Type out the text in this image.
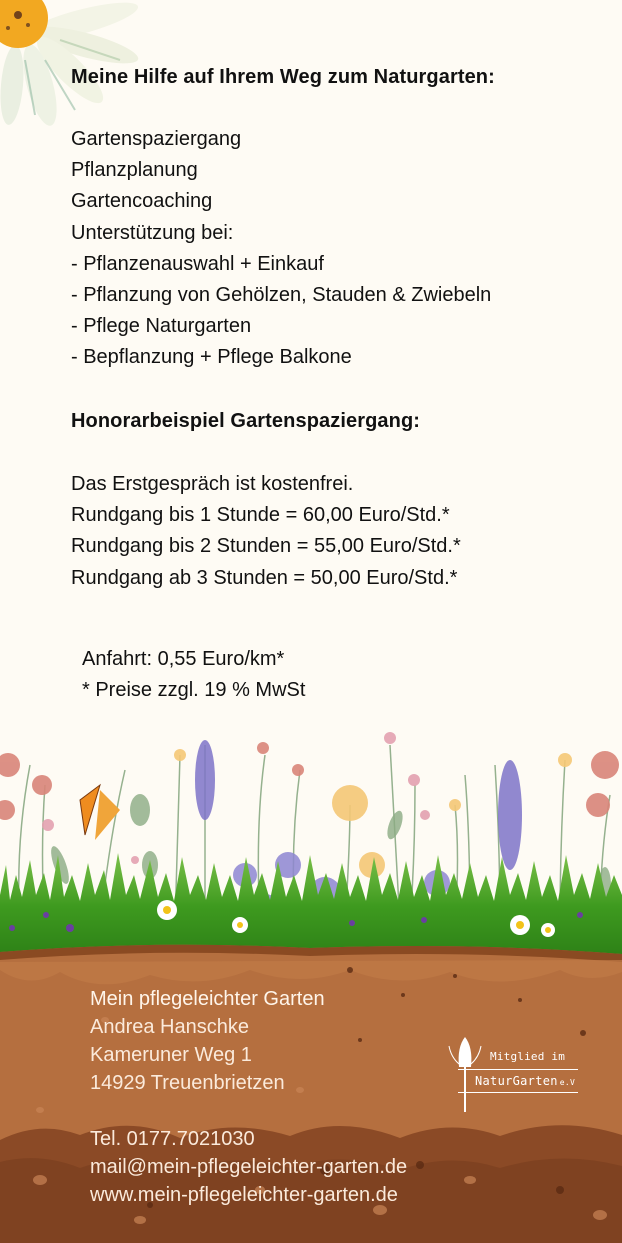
Meine Hilfe auf Ihrem Weg zum Naturgarten:
Gartenspaziergang
Pflanzplanung
Gartencoaching
Unterstützung bei:
- Pflanzenauswahl + Einkauf
- Pflanzung von Gehölzen, Stauden & Zwiebeln
- Pflege Naturgarten
- Bepflanzung + Pflege Balkone
Honorarbeispiel Gartenspaziergang:
Das Erstgespräch ist kostenfrei.
Rundgang bis 1 Stunde = 60,00 Euro/Std.*
Rundgang bis 2 Stunden = 55,00 Euro/Std.*
Rundgang ab 3 Stunden = 50,00 Euro/Std.*
Anfahrt: 0,55 Euro/km*
* Preise zzgl. 19 % MwSt
Mein pflegeleichter Garten
Andrea Hanschke
Kameruner Weg 1
14929 Treuenbrietzen
Tel. 0177.7021030
mail@mein-pflegeleichter-garten.de
www.mein-pflegeleichter-garten.de
Mitglied im
NaturGarten e.V
